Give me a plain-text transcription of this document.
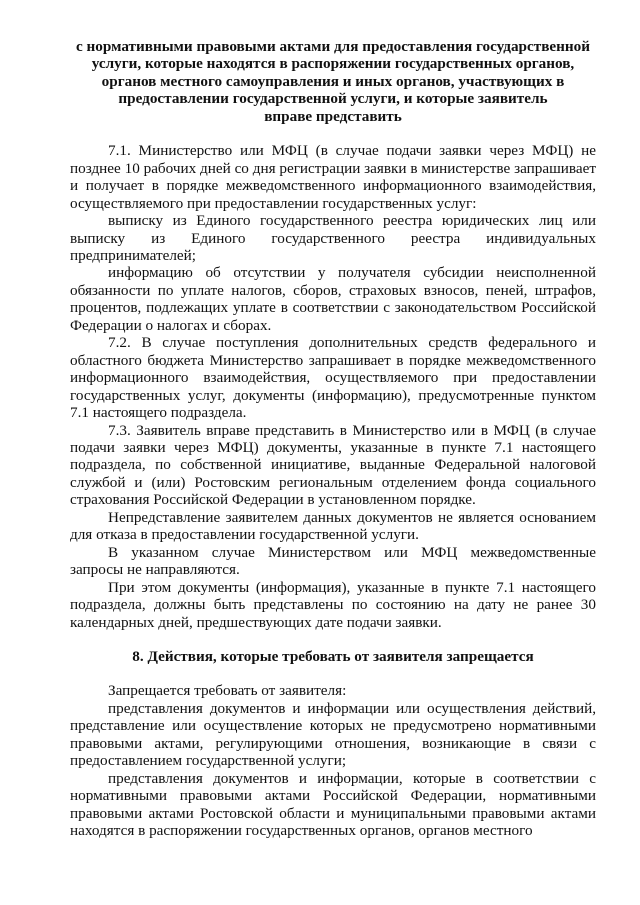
с нормативными правовыми актами для предоставления государственной
услуги, которые находятся в распоряжении государственных органов,
органов местного самоуправления и иных органов, участвующих в
предоставлении государственной услуги, и которые заявитель
вправе представить

7.1. Министерство или МФЦ (в случае подачи заявки через МФЦ) не позднее 10 рабочих дней со дня регистрации заявки в министерстве запрашивает и получает в порядке межведомственного информационного взаимодействия, осуществляемого при предоставлении государственных услуг:

выписку из Единого государственного реестра юридических лиц или выписку из Единого государственного реестра индивидуальных предпринимателей;

информацию об отсутствии у получателя субсидии неисполненной обязанности по уплате налогов, сборов, страховых взносов, пеней, штрафов, процентов, подлежащих уплате в соответствии с законодательством Российской Федерации о налогах и сборах.

7.2. В случае поступления дополнительных средств федерального и областного бюджета Министерство запрашивает в порядке межведомственного информационного взаимодействия, осуществляемого при предоставлении государственных услуг, документы (информацию), предусмотренные пунктом 7.1 настоящего подраздела.

7.3. Заявитель вправе представить в Министерство или в МФЦ (в случае подачи заявки через МФЦ) документы, указанные в пункте 7.1 настоящего подраздела, по собственной инициативе, выданные Федеральной налоговой службой и (или) Ростовским региональным отделением фонда социального страхования Российской Федерации в установленном порядке.

Непредставление заявителем данных документов не является основанием для отказа в предоставлении государственной услуги.

В указанном случае Министерством или МФЦ межведомственные запросы не направляются.

При этом документы (информация), указанные в пункте 7.1 настоящего подраздела, должны быть представлены по состоянию на дату не ранее 30 календарных дней, предшествующих дате подачи заявки.

8. Действия, которые требовать от заявителя запрещается

Запрещается требовать от заявителя:

представления документов и информации или осуществления действий, представление или осуществление которых не предусмотрено нормативными правовыми актами, регулирующими отношения, возникающие в связи с предоставлением государственной услуги;

представления документов и информации, которые в соответствии с нормативными правовыми актами Российской Федерации, нормативными правовыми актами Ростовской области и муниципальными правовыми актами находятся в распоряжении государственных органов, органов местного
